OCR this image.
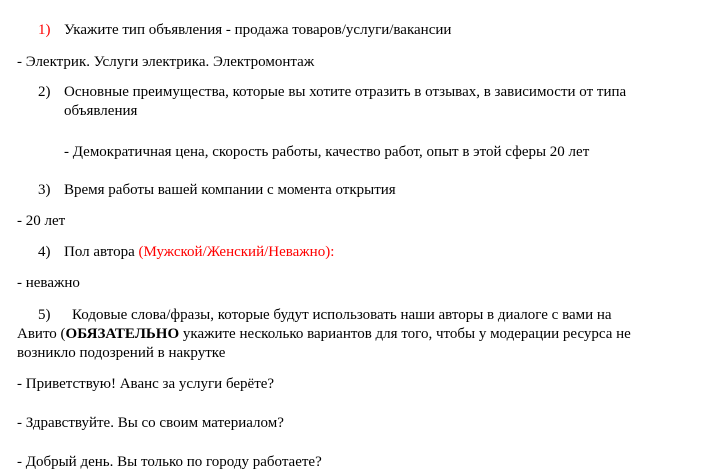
1) Укажите тип объявления - продажа товаров/услуги/вакансии
- Электрик. Услуги электрика. Электромонтаж
2) Основные преимущества, которые вы хотите отразить в отзывах, в зависимости от типа
объявления
- Демократичная цена, скорость работы, качество работ, опыт в этой сферы 20 лет
3) Время работы вашей компании с момента открытия
- 20 лет
4) Пол автора (Мужской/Женский/Неважно):
- неважно
5) Кодовые слова/фразы, которые будут использовать наши авторы в диалоге с вами на
Авито (ОБЯЗАТЕЛЬНО укажите несколько вариантов для того, чтобы у модерации ресурса не
возникло подозрений в накрутке
- Приветствую! Аванс за услуги берёте?
- Здравствуйте. Вы со своим материалом?
- Добрый день. Вы только по городу работаете?
